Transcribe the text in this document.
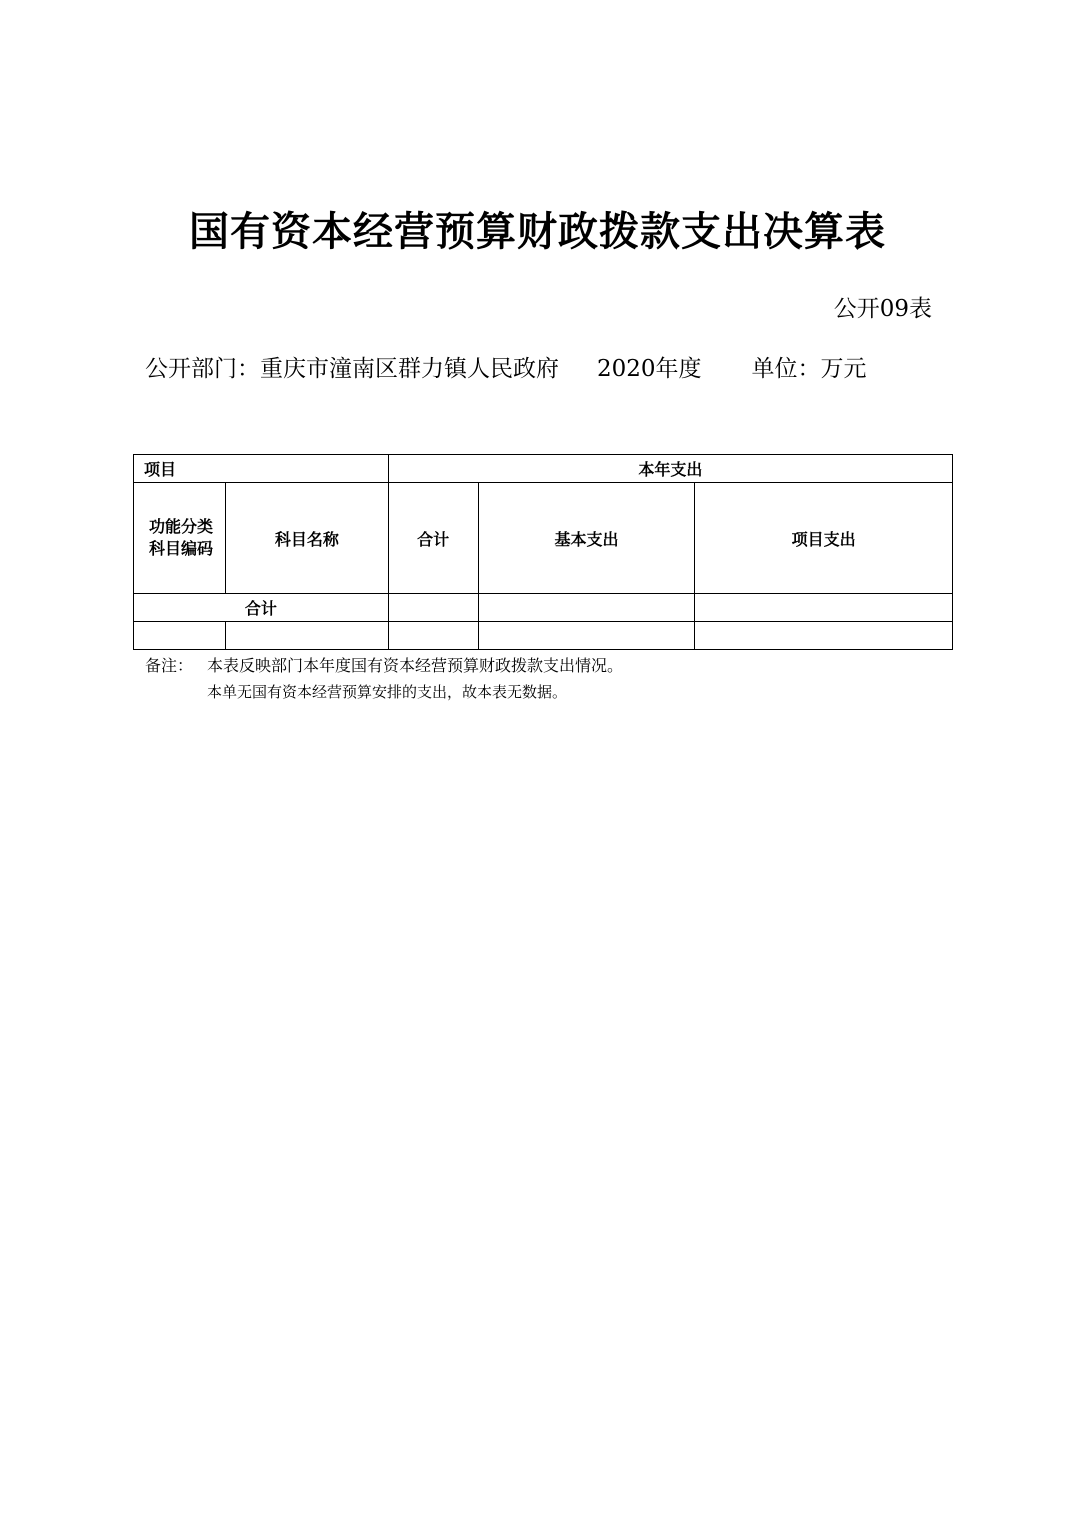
国有资本经营预算财政拨款支出决算表
公开09表
公开部门：重庆市潼南区群力镇人民政府 2020年度 单位：万元
项目		本年支出		

功能分类科目编码	科目名称	合计	基本支出	项目支出
合计				

备注： 本表反映部门本年度国有资本经营预算财政拨款支出情况。
本单无国有资本经营预算安排的支出，故本表无数据。
